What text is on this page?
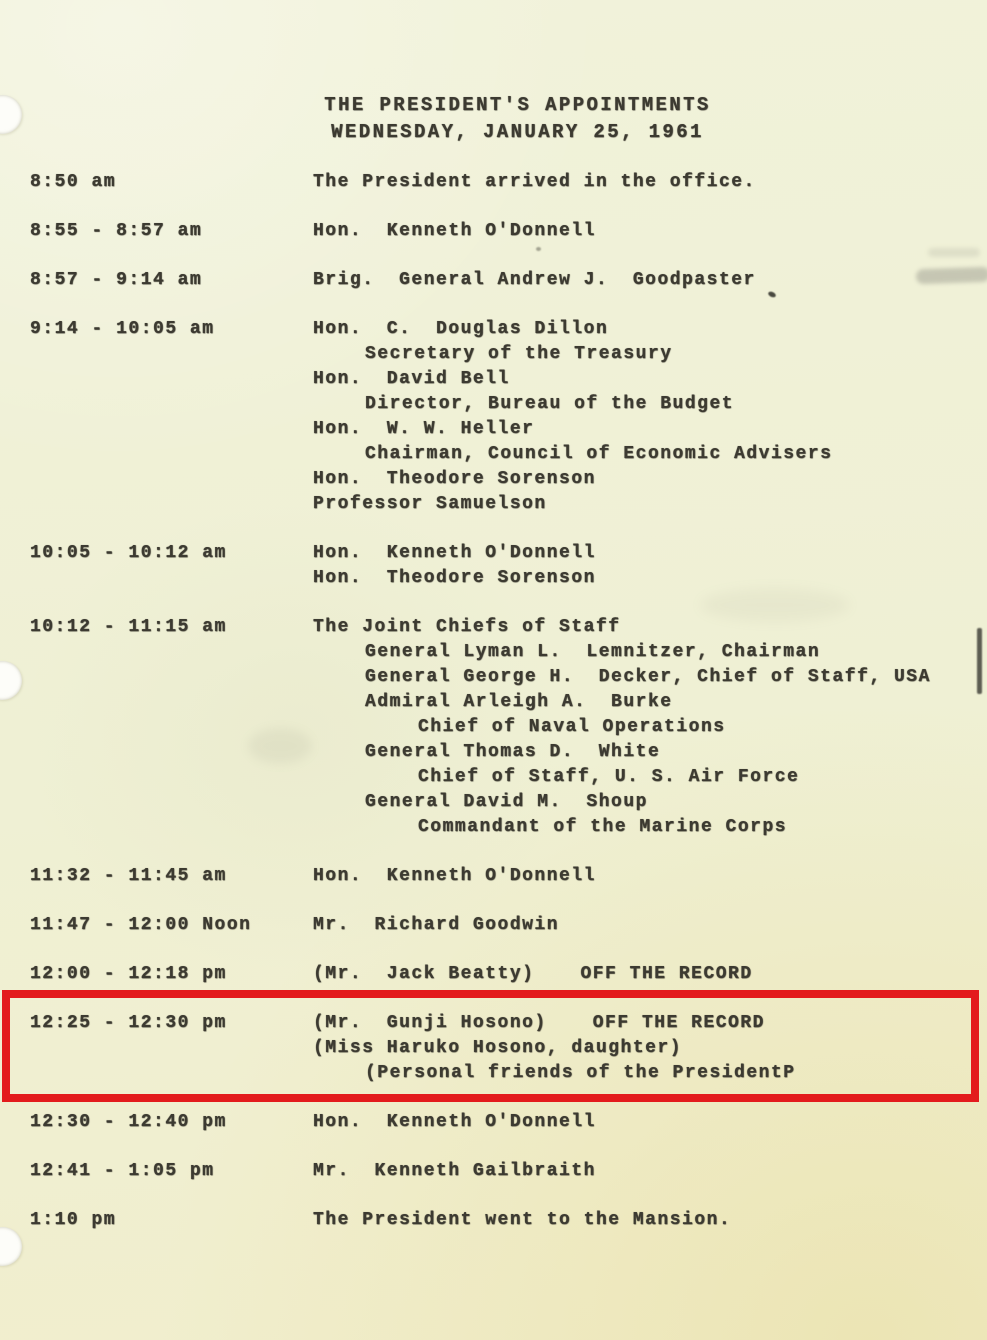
THE PRESIDENT'S APPOINTMENTS
WEDNESDAY, JANUARY 25, 1961
8:50 am	The President arrived in the office.
8:55 - 8:57 am	Hon.  Kenneth O'Donnell
8:57 - 9:14 am	Brig.  General Andrew J.  Goodpaster
9:14 - 10:05 am	Hon.  C.  Douglas Dillon
Secretary of the Treasury
Hon.  David Bell
Director, Bureau of the Budget
Hon.  W. W. Heller
Chairman, Council of Economic Advisers
Hon.  Theodore Sorenson
Professor Samuelson
10:05 - 10:12 am	Hon.  Kenneth O'Donnell
Hon.  Theodore Sorenson
10:12 - 11:15 am	The Joint Chiefs of Staff
General Lyman L.  Lemnitzer, Chairman
General George H.  Decker, Chief of Staff, USA
Admiral Arleigh A.  Burke
Chief of Naval Operations
General Thomas D.  White
Chief of Staff, U. S. Air Force
General David M.  Shoup
Commandant of the Marine Corps
11:32 - 11:45 am	Hon.  Kenneth O'Donnell
11:47 - 12:00 Noon	Mr.  Richard Goodwin
12:00 - 12:18 pm	(Mr.  Jack Beatty)	OFF THE RECORD
12:25 - 12:30 pm	(Mr.  Gunji Hosono)	OFF THE RECORD
(Miss Haruko Hosono, daughter)
(Personal friends of the PresidentP
12:30 - 12:40 pm	Hon.  Kenneth O'Donnell
12:41 - 1:05 pm	Mr.  Kenneth Gailbraith
1:10 pm	The President went to the Mansion.
